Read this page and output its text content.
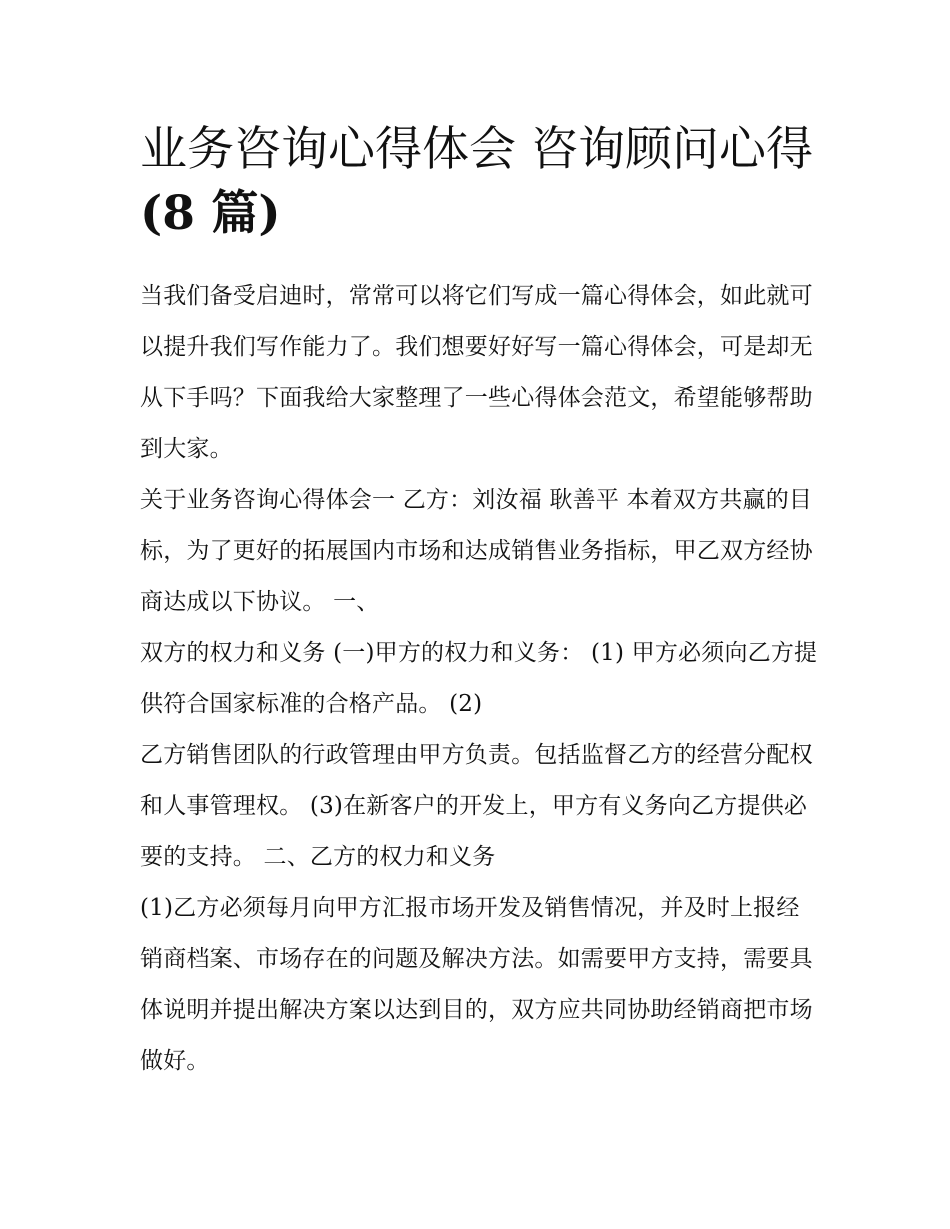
业务咨询心得体会 咨询顾问心得(8 篇)

当我们备受启迪时，常常可以将它们写成一篇心得体会，如此就可以提升我们写作能力了。我们想要好好写一篇心得体会，可是却无从下手吗？下面我给大家整理了一些心得体会范文，希望能够帮助到大家。

关于业务咨询心得体会一 乙方：刘汝福 耿善平 本着双方共赢的目标，为了更好的拓展国内市场和达成销售业务指标，甲乙双方经协商达成以下协议。 一、

双方的权力和义务 (一)甲方的权力和义务： (1) 甲方必须向乙方提供符合国家标准的合格产品。 (2)

乙方销售团队的行政管理由甲方负责。包括监督乙方的经营分配权和人事管理权。 (3)在新客户的开发上，甲方有义务向乙方提供必要的支持。 二、乙方的权力和义务

(1)乙方必须每月向甲方汇报市场开发及销售情况，并及时上报经销商档案、市场存在的问题及解决方法。如需要甲方支持，需要具体说明并提出解决方案以达到目的，双方应共同协助经销商把市场做好。
